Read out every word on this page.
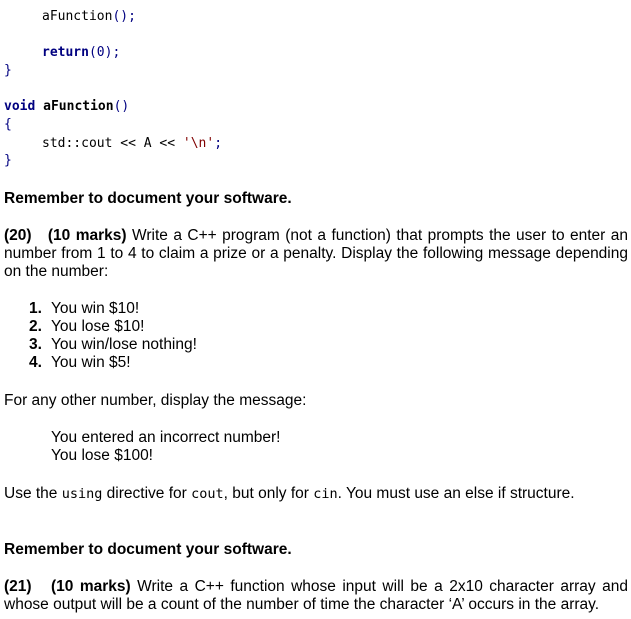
aFunction();
return(0);
}
void aFunction()
{
std::cout << A << '\n';
}
Remember to document your software.
(20) (10 marks) Write a C++ program (not a function) that prompts the user to enter an number from 1 to 4 to claim a prize or a penalty. Display the following message depending on the number:
1. You win $10!
2. You lose $10!
3. You win/lose nothing!
4. You win $5!
For any other number, display the message:
You entered an incorrect number!
You lose $100!
Use the using directive for cout, but only for cin. You must use an else if structure.
Remember to document your software.
(21) (10 marks) Write a C++ function whose input will be a 2x10 character array and whose output will be a count of the number of time the character ‘A’ occurs in the array.
